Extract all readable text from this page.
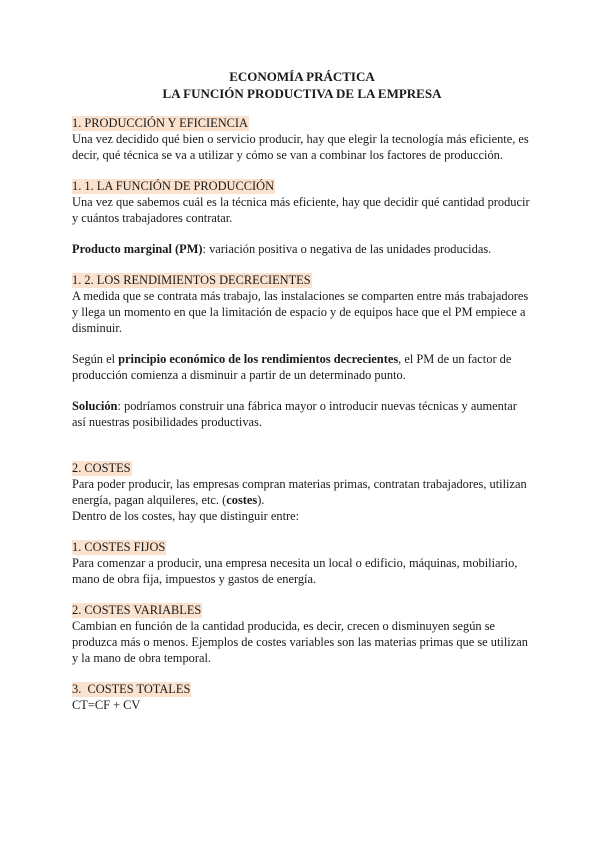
ECONOMÍA PRÁCTICA

LA FUNCIÓN PRODUCTIVA DE LA EMPRESA

1. PRODUCCIÓN Y EFICIENCIA

Una vez decidido qué bien o servicio producir, hay que elegir la tecnología más eficiente, es decir, qué técnica se va a utilizar y cómo se van a combinar los factores de producción.

1. 1. LA FUNCIÓN DE PRODUCCIÓN

Una vez que sabemos cuál es la técnica más eficiente, hay que decidir qué cantidad producir y cuántos trabajadores contratar.

Producto marginal (PM): variación positiva o negativa de las unidades producidas.

1. 2. LOS RENDIMIENTOS DECRECIENTES

A medida que se contrata más trabajo, las instalaciones se comparten entre más trabajadores y llega un momento en que la limitación de espacio y de equipos hace que el PM empiece a disminuir.

Según el principio económico de los rendimientos decrecientes, el PM de un factor de producción comienza a disminuir a partir de un determinado punto.

Solución: podríamos construir una fábrica mayor o introducir nuevas técnicas y aumentar así nuestras posibilidades productivas.

2. COSTES

Para poder producir, las empresas compran materias primas, contratan trabajadores, utilizan energía, pagan alquileres, etc. (costes).

Dentro de los costes, hay que distinguir entre:

1. COSTES FIJOS

Para comenzar a producir, una empresa necesita un local o edificio, máquinas, mobiliario, mano de obra fija, impuestos y gastos de energía.

2. COSTES VARIABLES

Cambian en función de la cantidad producida, es decir, crecen o disminuyen según se produzca más o menos. Ejemplos de costes variables son las materias primas que se utilizan y la mano de obra temporal.

3.  COSTES TOTALES

CT=CF + CV
